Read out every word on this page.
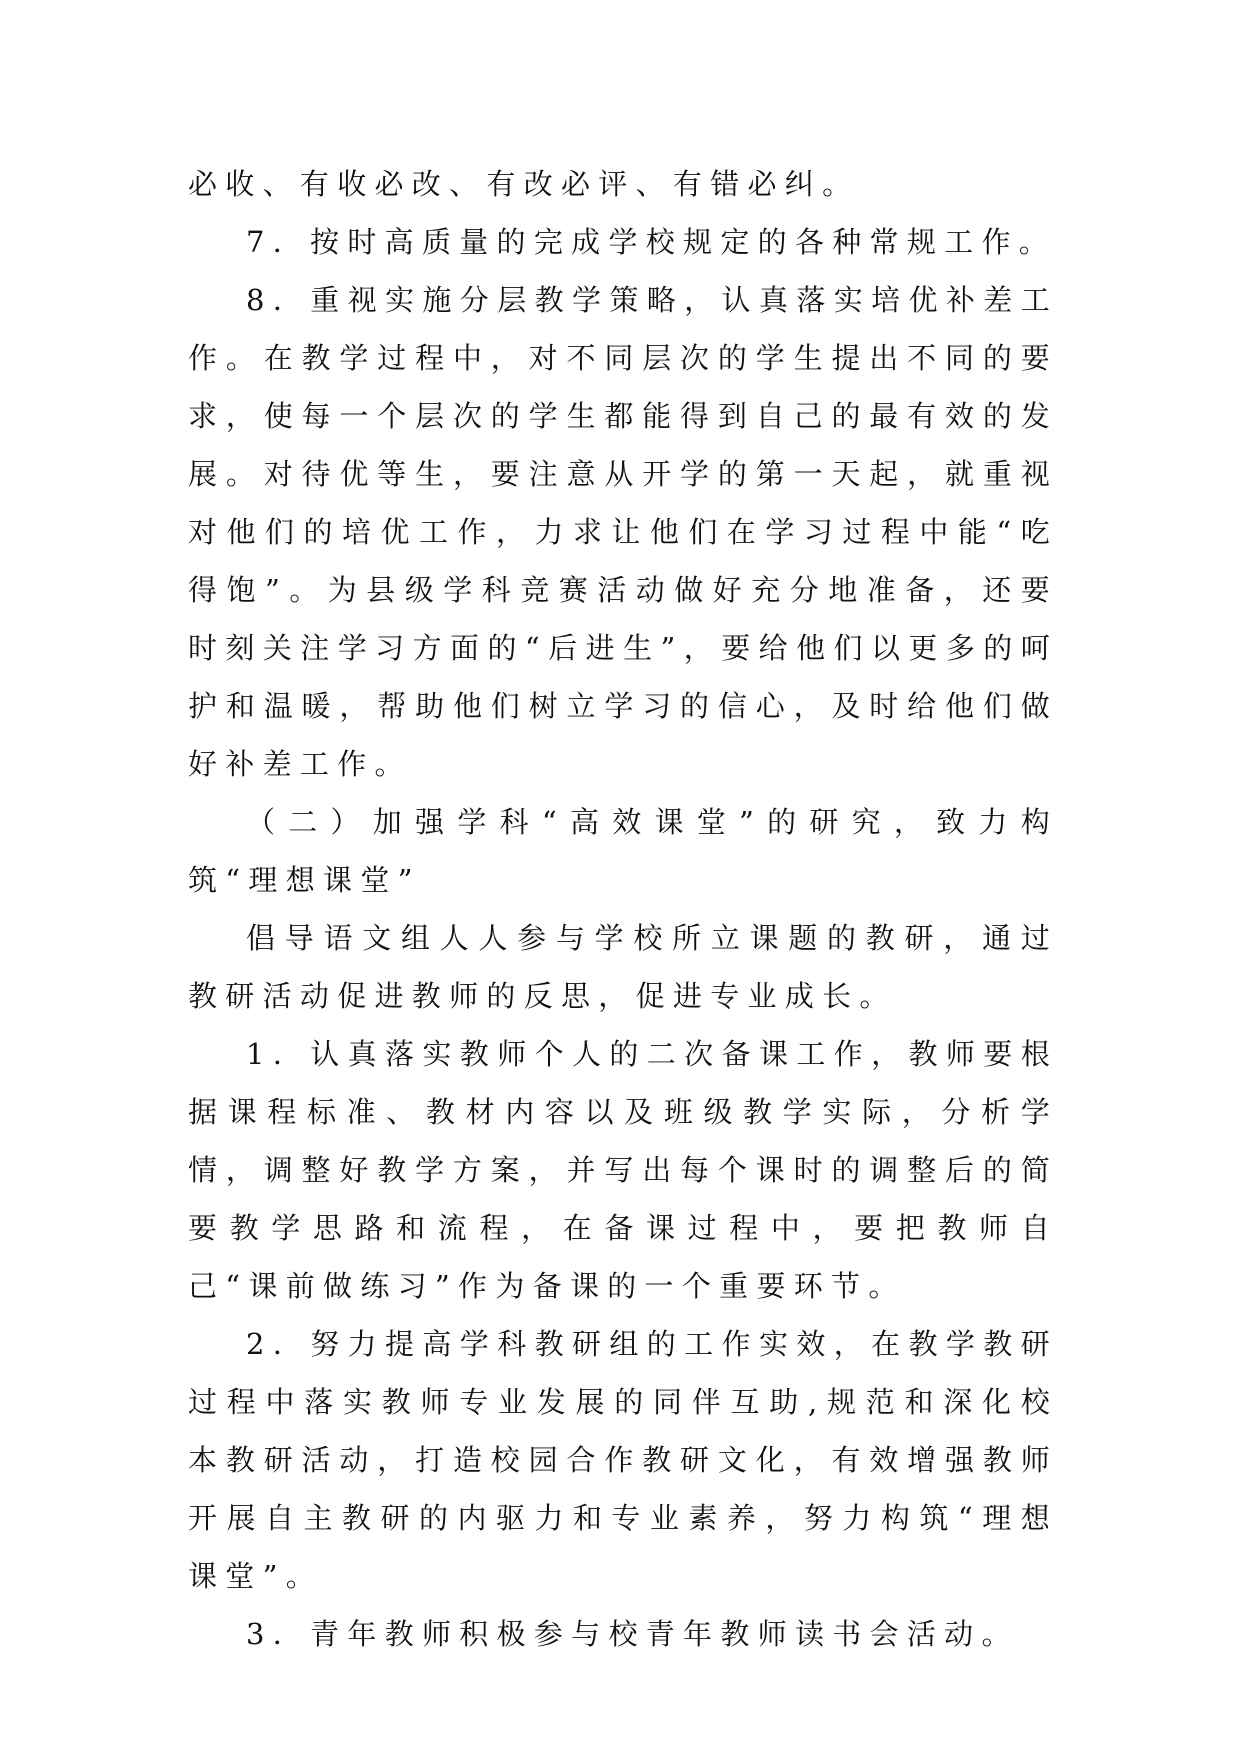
必收、有收必改、有改必评、有错必纠。

7．按时高质量的完成学校规定的各种常规工作。

8．重视实施分层教学策略，认真落实培优补差工作。在教学过程中，对不同层次的学生提出不同的要求，使每一个层次的学生都能得到自己的最有效的发展。对待优等生，要注意从开学的第一天起，就重视对他们的培优工作，力求让他们在学习过程中能“吃得饱”。为县级学科竞赛活动做好充分地准备，还要时刻关注学习方面的“后进生”，要给他们以更多的呵护和温暖，帮助他们树立学习的信心，及时给他们做好补差工作。

（二）加强学科“高效课堂”的研究，致力构筑“理想课堂”

倡导语文组人人参与学校所立课题的教研，通过教研活动促进教师的反思，促进专业成长。

1．认真落实教师个人的二次备课工作，教师要根据课程标准、教材内容以及班级教学实际，分析学情，调整好教学方案，并写出每个课时的调整后的简要教学思路和流程，在备课过程中，要把教师自己“课前做练习”作为备课的一个重要环节。

2．努力提高学科教研组的工作实效，在教学教研过程中落实教师专业发展的同伴互助,规范和深化校本教研活动，打造校园合作教研文化，有效增强教师开展自主教研的内驱力和专业素养，努力构筑“理想课堂”。

3．青年教师积极参与校青年教师读书会活动。
